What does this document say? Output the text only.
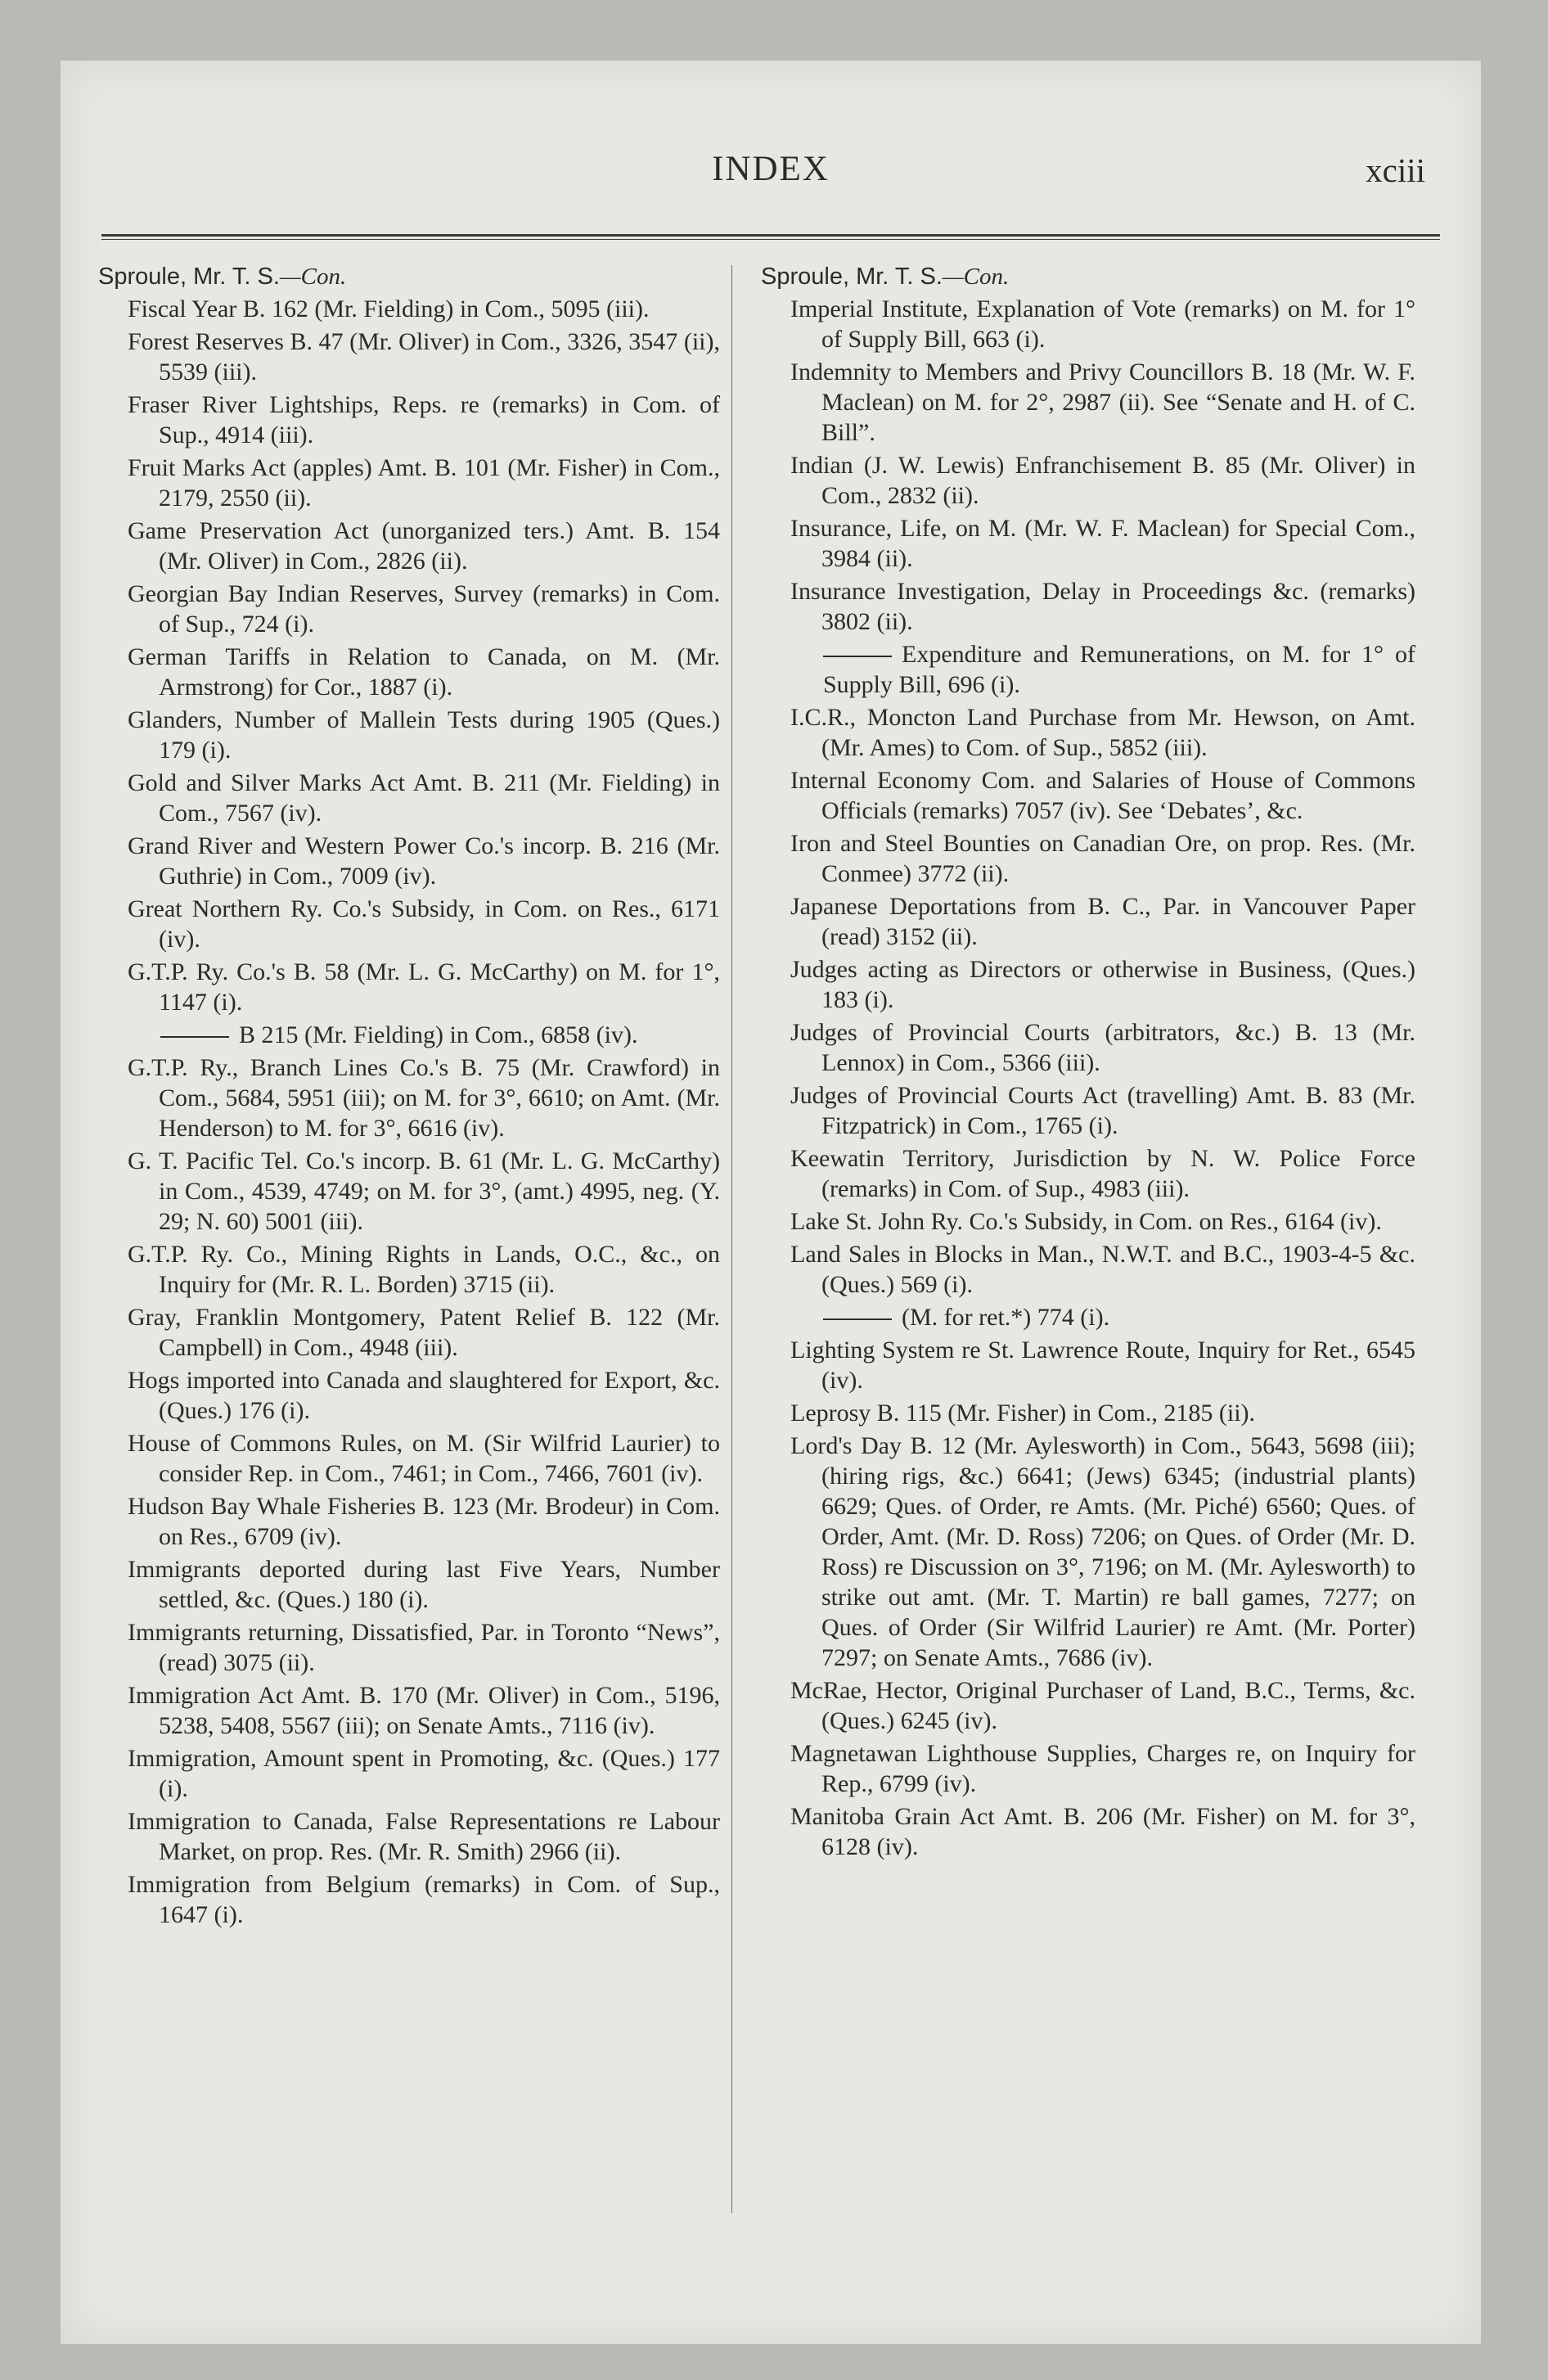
INDEX	xciii
Sproule, Mr. T. S.—Con.
Fiscal Year B. 162 (Mr. Fielding) in Com., 5095 (iii).
Forest Reserves B. 47 (Mr. Oliver) in Com., 3326, 3547 (ii), 5539 (iii).
Fraser River Lightships, Reps. re (remarks) in Com. of Sup., 4914 (iii).
Fruit Marks Act (apples) Amt. B. 101 (Mr. Fisher) in Com., 2179, 2550 (ii).
Game Preservation Act (unorganized ters.) Amt. B. 154 (Mr. Oliver) in Com., 2826 (ii).
Georgian Bay Indian Reserves, Survey (remarks) in Com. of Sup., 724 (i).
German Tariffs in Relation to Canada, on M. (Mr. Armstrong) for Cor., 1887 (i).
Glanders, Number of Mallein Tests during 1905 (Ques.) 179 (i).
Gold and Silver Marks Act Amt. B. 211 (Mr. Fielding) in Com., 7567 (iv).
Grand River and Western Power Co.'s incorp. B. 216 (Mr. Guthrie) in Com., 7009 (iv).
Great Northern Ry. Co.'s Subsidy, in Com. on Res., 6171 (iv).
G.T.P. Ry. Co.'s B. 58 (Mr. L. G. McCarthy) on M. for 1°, 1147 (i).
B 215 (Mr. Fielding) in Com., 6858 (iv).
G.T.P. Ry., Branch Lines Co.'s B. 75 (Mr. Crawford) in Com., 5684, 5951 (iii); on M. for 3°, 6610; on Amt. (Mr. Henderson) to M. for 3°, 6616 (iv).
G. T. Pacific Tel. Co.'s incorp. B. 61 (Mr. L. G. McCarthy) in Com., 4539, 4749; on M. for 3°, (amt.) 4995, neg. (Y. 29; N. 60) 5001 (iii).
G.T.P. Ry. Co., Mining Rights in Lands, O.C., &c., on Inquiry for (Mr. R. L. Borden) 3715 (ii).
Gray, Franklin Montgomery, Patent Relief B. 122 (Mr. Campbell) in Com., 4948 (iii).
Hogs imported into Canada and slaughtered for Export, &c. (Ques.) 176 (i).
House of Commons Rules, on M. (Sir Wilfrid Laurier) to consider Rep. in Com., 7461; in Com., 7466, 7601 (iv).
Hudson Bay Whale Fisheries B. 123 (Mr. Brodeur) in Com. on Res., 6709 (iv).
Immigrants deported during last Five Years, Number settled, &c. (Ques.) 180 (i).
Immigrants returning, Dissatisfied, Par. in Toronto “News”, (read) 3075 (ii).
Immigration Act Amt. B. 170 (Mr. Oliver) in Com., 5196, 5238, 5408, 5567 (iii); on Senate Amts., 7116 (iv).
Immigration, Amount spent in Promoting, &c. (Ques.) 177 (i).
Immigration to Canada, False Representations re Labour Market, on prop. Res. (Mr. R. Smith) 2966 (ii).
Immigration from Belgium (remarks) in Com. of Sup., 1647 (i).
Sproule, Mr. T. S.—Con.
Imperial Institute, Explanation of Vote (remarks) on M. for 1° of Supply Bill, 663 (i).
Indemnity to Members and Privy Councillors B. 18 (Mr. W. F. Maclean) on M. for 2°, 2987 (ii). See “Senate and H. of C. Bill”.
Indian (J. W. Lewis) Enfranchisement B. 85 (Mr. Oliver) in Com., 2832 (ii).
Insurance, Life, on M. (Mr. W. F. Maclean) for Special Com., 3984 (ii).
Insurance Investigation, Delay in Proceedings &c. (remarks) 3802 (ii).
Expenditure and Remunerations, on M. for 1° of Supply Bill, 696 (i).
I.C.R., Moncton Land Purchase from Mr. Hewson, on Amt. (Mr. Ames) to Com. of Sup., 5852 (iii).
Internal Economy Com. and Salaries of House of Commons Officials (remarks) 7057 (iv). See ‘Debates’, &c.
Iron and Steel Bounties on Canadian Ore, on prop. Res. (Mr. Conmee) 3772 (ii).
Japanese Deportations from B. C., Par. in Vancouver Paper (read) 3152 (ii).
Judges acting as Directors or otherwise in Business, (Ques.) 183 (i).
Judges of Provincial Courts (arbitrators, &c.) B. 13 (Mr. Lennox) in Com., 5366 (iii).
Judges of Provincial Courts Act (travelling) Amt. B. 83 (Mr. Fitzpatrick) in Com., 1765 (i).
Keewatin Territory, Jurisdiction by N. W. Police Force (remarks) in Com. of Sup., 4983 (iii).
Lake St. John Ry. Co.'s Subsidy, in Com. on Res., 6164 (iv).
Land Sales in Blocks in Man., N.W.T. and B.C., 1903-4-5 &c. (Ques.) 569 (i).
(M. for ret.*) 774 (i).
Lighting System re St. Lawrence Route, Inquiry for Ret., 6545 (iv).
Leprosy B. 115 (Mr. Fisher) in Com., 2185 (ii).
Lord's Day B. 12 (Mr. Aylesworth) in Com., 5643, 5698 (iii); (hiring rigs, &c.) 6641; (Jews) 6345; (industrial plants) 6629; Ques. of Order, re Amts. (Mr. Piché) 6560; Ques. of Order, Amt. (Mr. D. Ross) 7206; on Ques. of Order (Mr. D. Ross) re Discussion on 3°, 7196; on M. (Mr. Aylesworth) to strike out amt. (Mr. T. Martin) re ball games, 7277; on Ques. of Order (Sir Wilfrid Laurier) re Amt. (Mr. Porter) 7297; on Senate Amts., 7686 (iv).
McRae, Hector, Original Purchaser of Land, B.C., Terms, &c. (Ques.) 6245 (iv).
Magnetawan Lighthouse Supplies, Charges re, on Inquiry for Rep., 6799 (iv).
Manitoba Grain Act Amt. B. 206 (Mr. Fisher) on M. for 3°, 6128 (iv).
